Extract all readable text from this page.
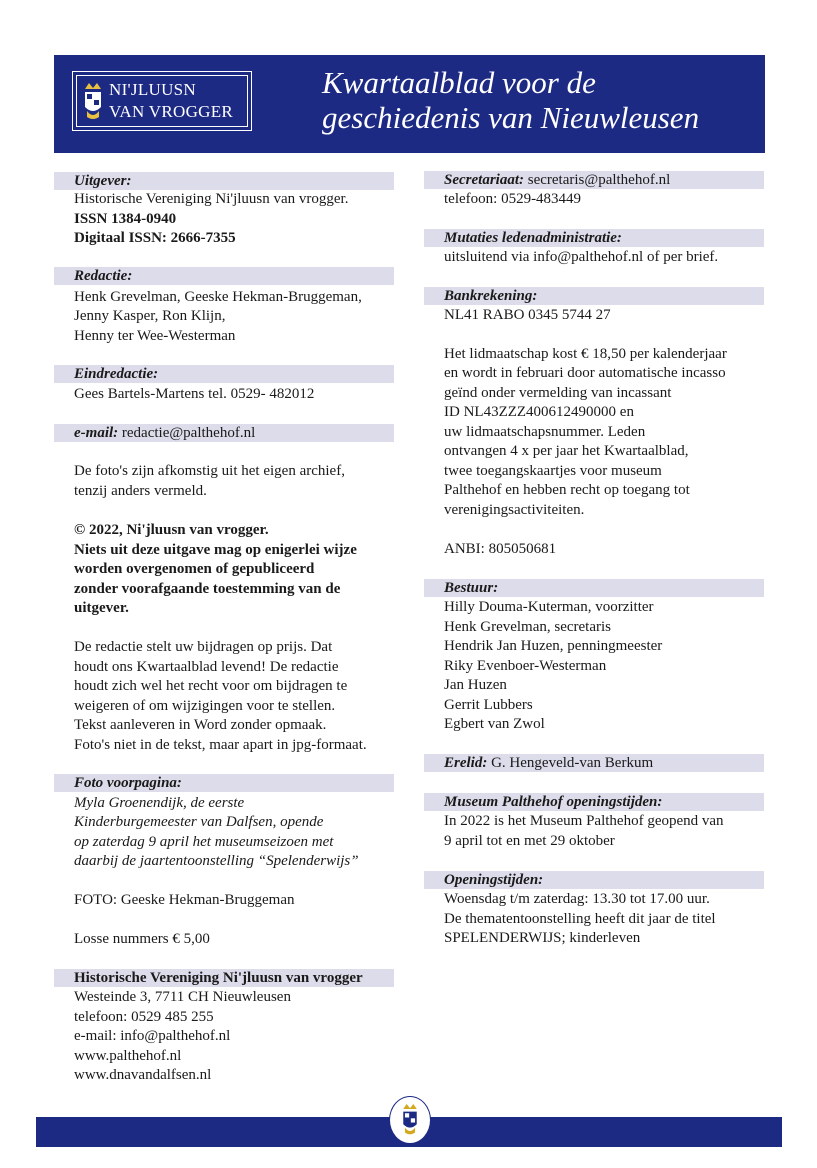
NI'JLUUSN
VAN VROGGER
Kwartaalblad voor de
geschiedenis van Nieuwleusen
Uitgever:
Historische Vereniging Ni'jluusn van vrogger.
ISSN 1384-0940
Digitaal ISSN: 2666-7355
Redactie:
Henk Grevelman, Geeske Hekman-Bruggeman,
Jenny Kasper, Ron Klijn,
Henny ter Wee-Westerman
Eindredactie:
Gees Bartels-Martens tel. 0529- 482012
e-mail: redactie@palthehof.nl
De foto's zijn afkomstig uit het eigen archief,
tenzij anders vermeld.
© 2022, Ni'jluusn van vrogger.
Niets uit deze uitgave mag op enigerlei wijze
worden overgenomen of gepubliceerd
zonder voorafgaande toestemming van de
uitgever.
De redactie stelt uw bijdragen op prijs. Dat
houdt ons Kwartaalblad levend! De redactie
houdt zich wel het recht voor om bijdragen te
weigeren of om wijzigingen voor te stellen.
Tekst aanleveren in Word zonder opmaak.
Foto's niet in de tekst, maar apart in jpg-formaat.
Foto voorpagina:
Myla Groenendijk, de eerste
Kinderburgemeester van Dalfsen, opende
op zaterdag 9 april het museumseizoen met
daarbij de jaartentoonstelling “Spelenderwijs”
FOTO: Geeske Hekman-Bruggeman
Losse nummers € 5,00
Historische Vereniging Ni'jluusn van vrogger
Westeinde 3, 7711 CH Nieuwleusen
telefoon: 0529 485 255
e-mail: info@palthehof.nl
www.palthehof.nl
www.dnavandalfsen.nl
Secretariaat: secretaris@palthehof.nl
telefoon: 0529-483449
Mutaties ledenadministratie:
uitsluitend via info@palthehof.nl of per brief.
Bankrekening:
NL41 RABO 0345 5744 27
Het lidmaatschap kost € 18,50 per kalenderjaar
en wordt in februari door automatische incasso
geïnd onder vermelding van incassant
ID NL43ZZZ400612490000 en
uw lidmaatschapsnummer. Leden
ontvangen 4 x per jaar het Kwartaalblad,
twee toegangskaartjes voor museum
Palthehof en hebben recht op toegang tot
verenigingsactiviteiten.
ANBI: 805050681
Bestuur:
Hilly Douma-Kuterman, voorzitter
Henk Grevelman, secretaris
Hendrik Jan Huzen, penningmeester
Riky Evenboer-Westerman
Jan Huzen
Gerrit Lubbers
Egbert van Zwol
Erelid: G. Hengeveld-van Berkum
Museum Palthehof openingstijden:
In 2022 is het Museum Palthehof geopend van
9 april tot en met 29 oktober
Openingstijden:
Woensdag t/m zaterdag: 13.30 tot 17.00 uur.
De thematentoonstelling heeft dit jaar de titel
SPELENDERWIJS; kinderleven
